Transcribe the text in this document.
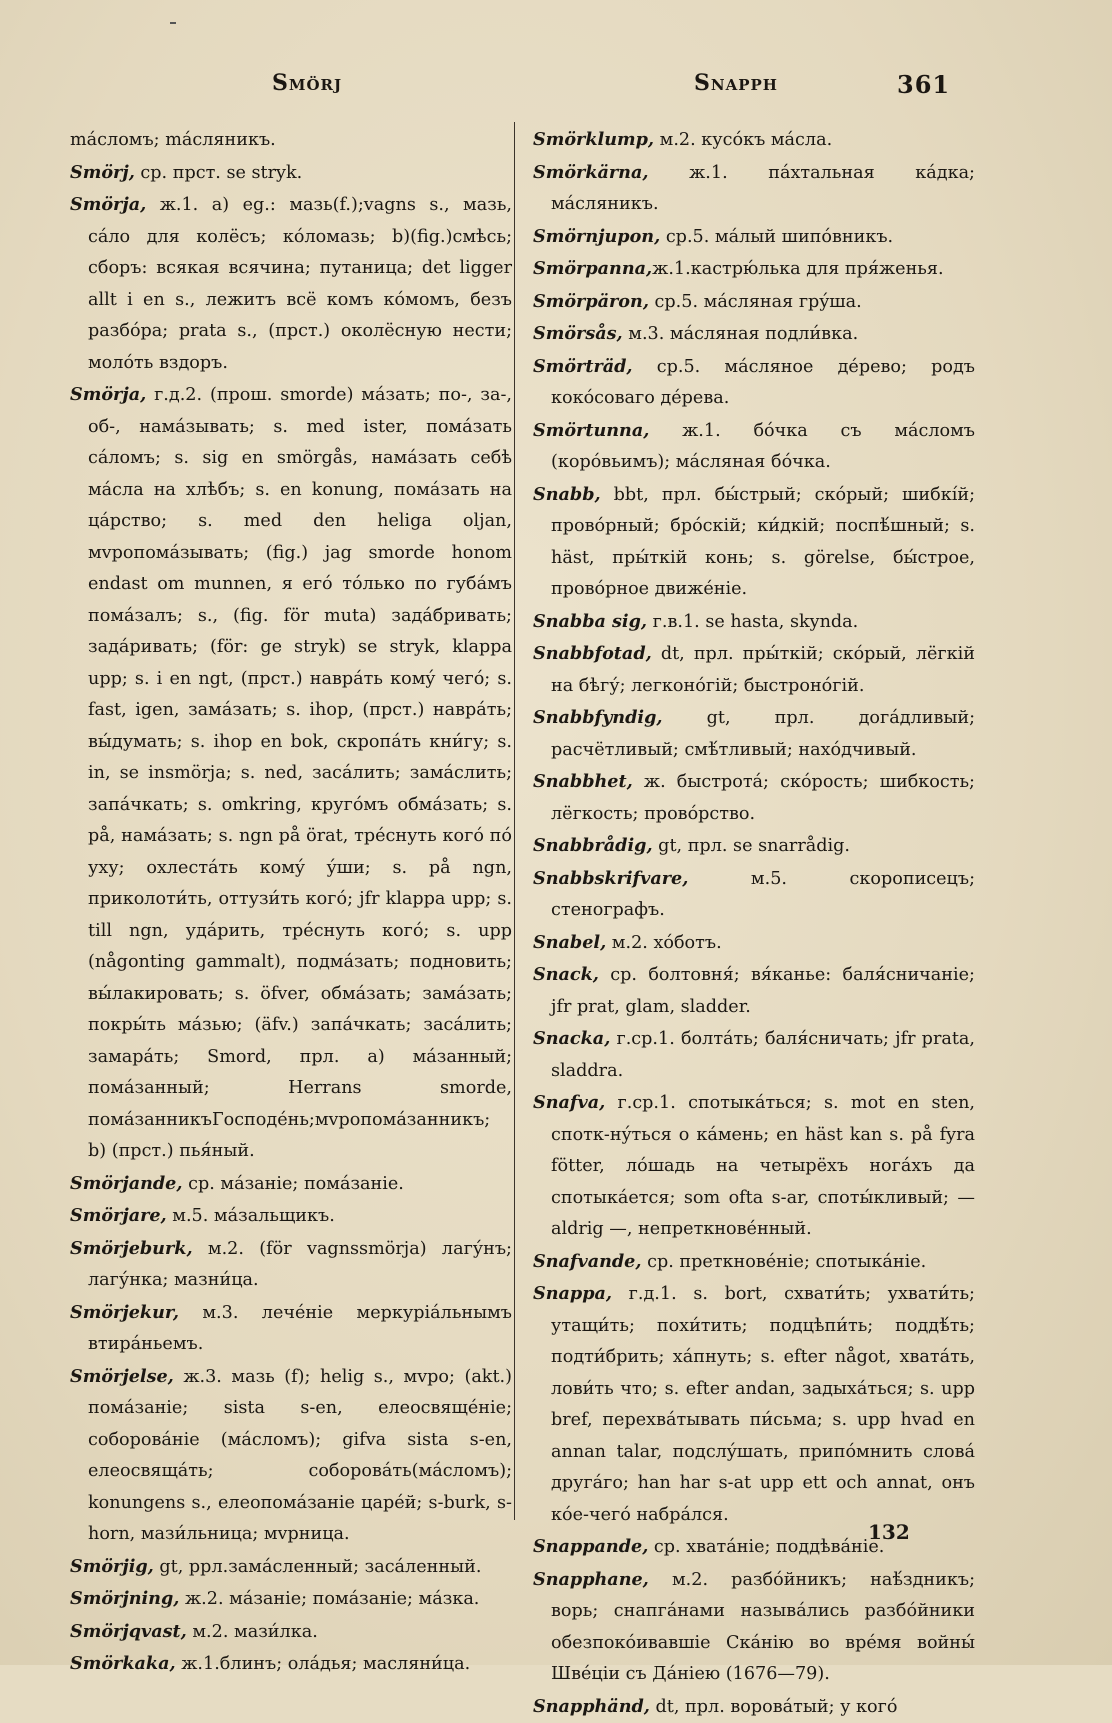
Smörj	Snapph	361

máсломъ; máсляникъ.

Smörj, ср. прст. se stryk.

Smörja, ж.1. а) eg.: мазь(f.);vagns s., мазь, сáло для колёсъ; кóломазь; b)(fig.)смѣсь; сборъ: всякая всячина; путаница; det ligger allt i en s., лежитъ всё комъ кóмомъ, безъ разбóра; prata s., (прст.) околёсную нести; молóть вздоръ.

Smörja, г.д.2. (прош. smorde) мáзать; по-, за-, об-, намáзывать; s. med ister, помáзать сáломъ; s. sig en smörgås, намáзать себѣ мáсла на хлѣбъ; s. en konung, помáзать на цáрство; s. med den heliga oljan, мvропомáзывать; (fig.) jag smorde honom endast om munnen, я егó тóлько по губáмъ помáзалъ; s., (fig. för muta) задáбривать; задáривать; (för: ge stryk) se stryk, klappa upp; s. i en ngt, (прст.) наврáть комý чегó; s. fast, igen, замáзать; s. ihop, (прст.) наврáть; вы́думать; s. ihop en bok, скропáть кни́гу; s. in, se insmörja; s. ned, засáлить; замáслить; запáчкать; s. omkring, кругóмъ обмáзать; s. på, намáзать; s. ngn på örat, трéснуть когó пó уху; охлестáть комý ýши; s. på ngn, приколоти́ть, оттузи́ть когó; jfr klappa upp; s. till ngn, удáрить, трéснуть когó; s. upp (någonting gammalt), подмáзать; подновить; вы́лакировать; s. öfver, обмáзать; замáзать; покры́ть мáзью; (äfv.) запáчкать; засáлить; замарáть; Smord, прл. а) мáзанный; помáзанный; Herrans smorde, помáзанникъГосподéнь;мvропомáзанникъ; b) (прст.) пья́ный.

Smörjande, ср. мáзаніе; помáзаніе.

Smörjare, м.5. мáзальщикъ.

Smörjeburk, м.2. (för vagnssmörja) лагу́нъ; лагу́нка; мазни́ца.

Smörjekur, м.3. лечéніе меркуріáльнымъ втирáньемъ.

Smörjelse, ж.3. мазь (f); helig s., мvро; (akt.) помáзаніе; sista s-en, елеосвящéніе; соборовáніе (мáсломъ); gifva sista s-en, елеосвящáть; соборовáть(мáсломъ); konungens s., елеопомáзаніе царéй; s-burk, s-horn, мази́льница; мvрница.

Smörjig, gt, ррл.замáсленный; засáленный.

Smörjning, ж.2. мáзаніе; помáзаніе; мáзка.

Smörjqvast, м.2. мази́лка.

Smörkaka, ж.1.блинъ; олáдья; масляни́ца.

Smörklump, м.2. кусóкъ мáсла.

Smörkärna, ж.1. пáхтальная кáдка; мáсляникъ.

Smörnjupon, ср.5. мáлый шипóвникъ.

Smörpanna,ж.1.кастрю́лька для пря́женья.

Smörpäron, ср.5. мáсляная грýша.

Smörsås, м.3. мáсляная подли́вка.

Smörträd, ср.5. мáсляное дéрево; родъ кокóсоваго дéрева.

Smörtunna, ж.1. бóчка съ мáсломъ (корóвьимъ); мáсляная бóчка.

Snabb, bbt, прл. бы́стрый; скóрый; шибкíй; провóрный; брóскій; ки́дкій; поспѣ́шный; s. häst, пры́ткій конь; s. görelse, бы́строе, провóрное движéніе.

Snabba sig, г.в.1. se hasta, skynda.

Snabbfotad, dt, прл. пры́ткій; скóрый, лёгкій на бѣгу́; легконóгій; быстронóгій.

Snabbfyndig, gt, прл. догáдливый; расчётливый; смѣ́тливый; нахóдчивый.

Snabbhet, ж. быстротá; скóрость; шибкость; лёгкость; провóрство.

Snabbrådig, gt, прл. se snarrådig.

Snabbskrifvare, м.5. скорописецъ; стенографъ.

Snabel, м.2. хóботъ.

Snack, ср. болтовня́; вя́канье: баля́сничаніе; jfr prat, glam, sladder.

Snacka, г.ср.1. болтáть; баля́сничать; jfr prata, sladdra.

Snafva, г.ср.1. спотыкáться; s. mot en sten, спотк-нýться о кáмень; en häst kan s. på fyra fötter, лóшадь на четырёхъ ногáхъ да спотыкáется; som ofta s-ar, споты́кливый; — aldrig —, непреткновéнный.

Snafvande, ср. преткновéніе; спотыкáніе.

Snappa, г.д.1. s. bort, схвати́ть; ухвати́ть; утащи́ть; похи́тить; подцѣпи́ть; поддѣ́ть; подти́брить; хáпнуть; s. efter något, хватáть, лови́ть что; s. efter andan, задыхáться; s. upp bref, перехвáтывать пи́сьма; s. upp hvad en annan talar, подслýшать, припóмнить словá другáго; han har s-at upp ett och annat, онъ кóе-чегó набрáлся.

Snappande, ср. хватáніе; поддѣвáніе.

Snapphane, м.2. разбóйникъ; наѣ́здникъ; ворь; снапгáнами называ́лись разбóйники обезпокóивавшіе Скáнію во врéмя войны́ Швéціи съ Дáніею (1676—79).

Snapphänd, dt, прл. ворова́тый; у когó

132
